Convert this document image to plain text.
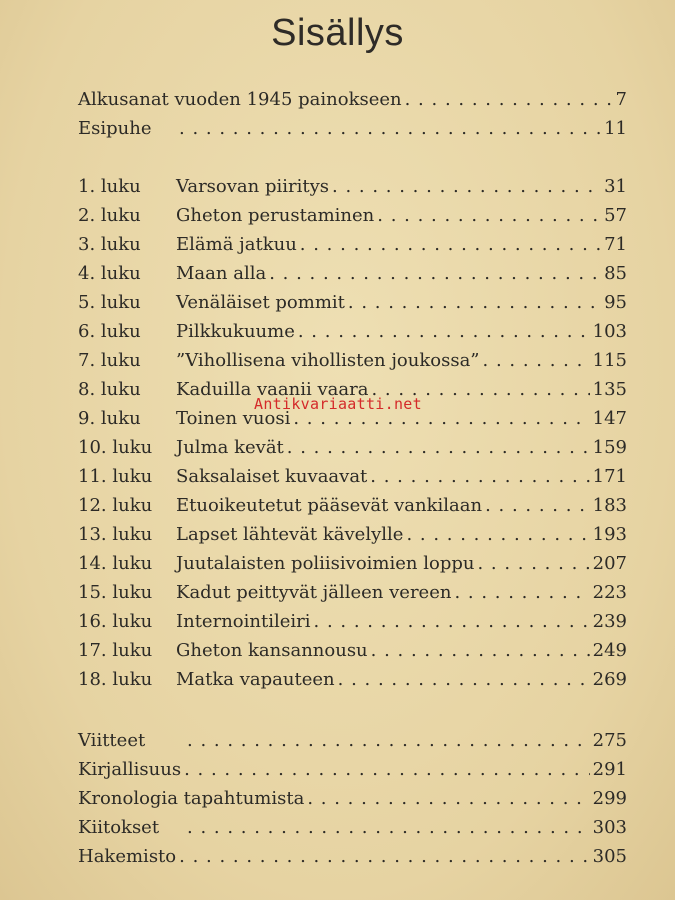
Sisällys
Alkusanat vuoden 1945 painokseen . . .	7
Esipuhe . . .	11
1. luku Varsovan piiritys . . .	31
2. luku Gheton perustaminen . . .	57
3. luku Elämä jatkuu . . .	71
4. luku Maan alla . . .	85
5. luku Venäläiset pommit . . .	95
6. luku Pilkkukuume . . .	103
7. luku ”Vihollisena vihollisten joukossa” . . .	115
8. luku Kaduilla vaanii vaara . . .	135
9. luku Toinen vuosi . . .	147
10. luku Julma kevät . . .	159
11. luku Saksalaiset kuvaavat . . .	171
12. luku Etuoikeutetut pääsevät vankilaan . . .	183
13. luku Lapset lähtevät kävelylle . . .	193
14. luku Juutalaisten poliisivoimien loppu . . .	207
15. luku Kadut peittyvät jälleen vereen . . .	223
16. luku Internointileiri . . .	239
17. luku Gheton kansannousu . . .	249
18. luku Matka vapauteen . . .	269
Viitteet . . .	275
Kirjallisuus . . .	291
Kronologia tapahtumista . . .	299
Kiitokset . . .	303
Hakemisto . . .	305
Antikvariaatti.net
